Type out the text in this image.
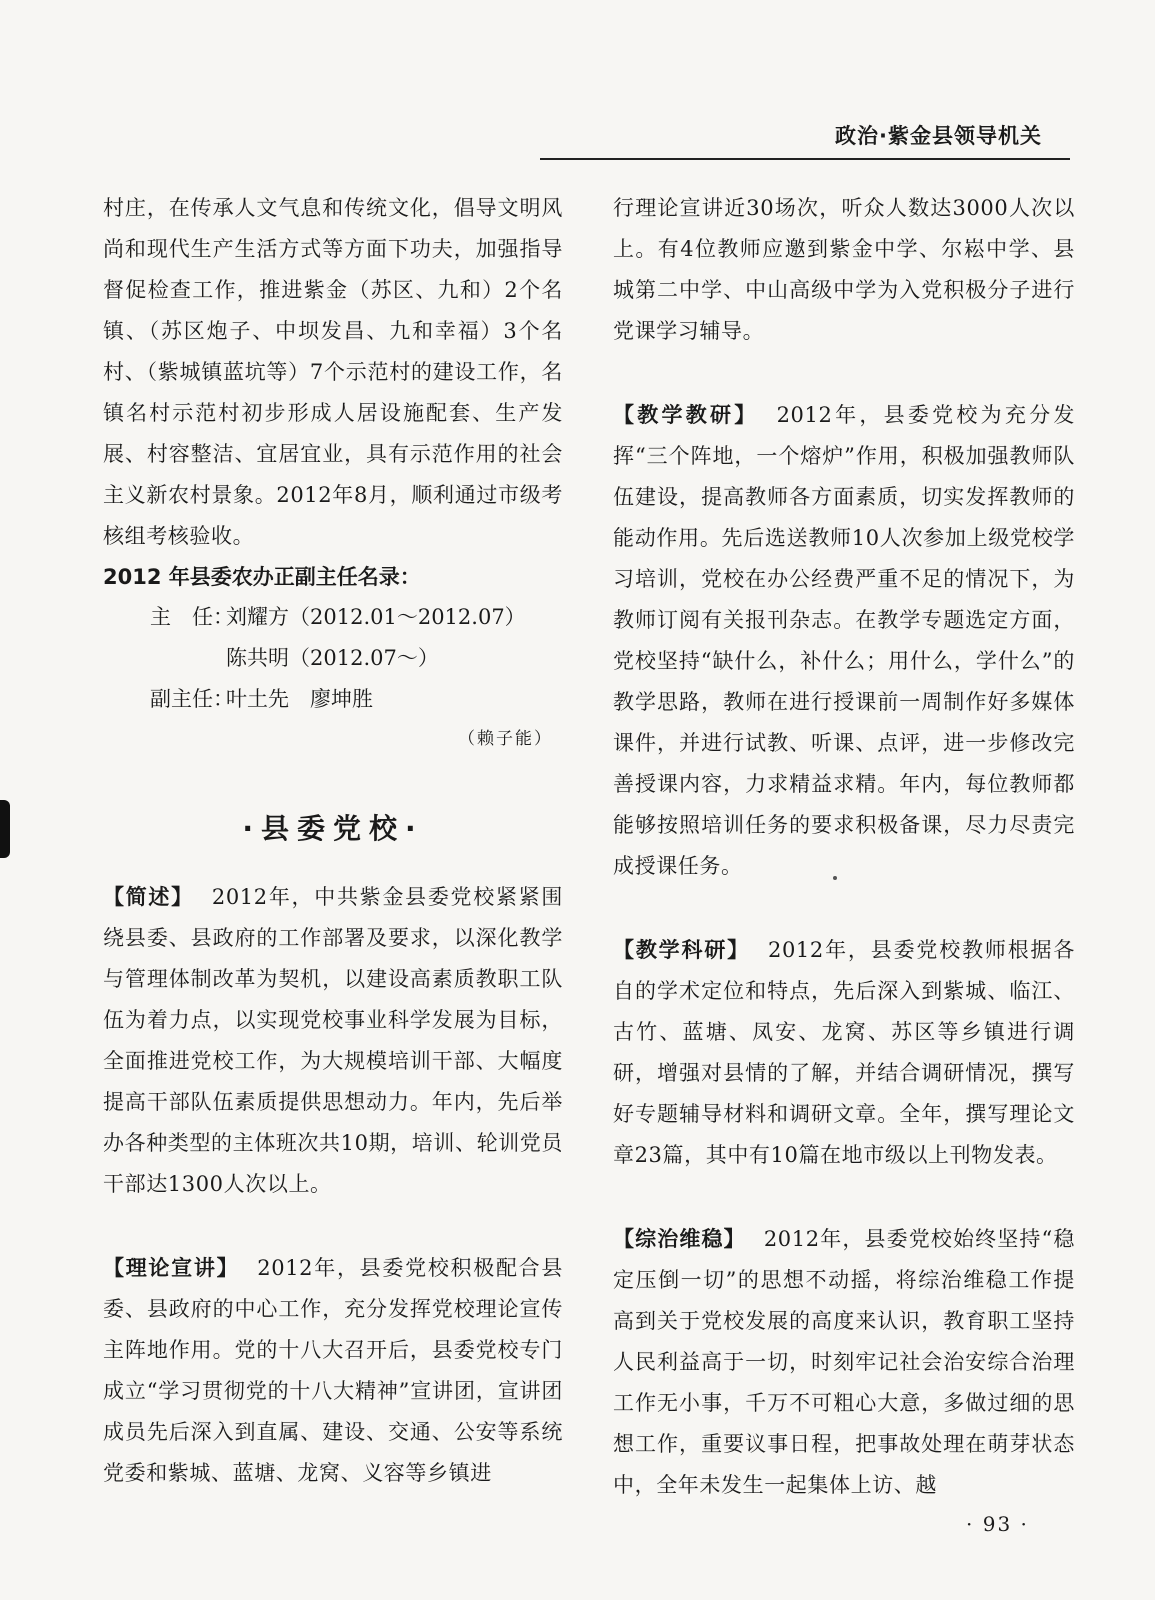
政治·紫金县领导机关

村庄，在传承人文气息和传统文化，倡导文明风尚和现代生产生活方式等方面下功夫，加强指导督促检查工作，推进紫金（苏区、九和）2个名镇、（苏区炮子、中坝发昌、九和幸福）3个名村、（紫城镇蓝坑等）7个示范村的建设工作，名镇名村示范村初步形成人居设施配套、生产发展、村容整洁、宜居宜业，具有示范作用的社会主义新农村景象。2012年8月，顺利通过市级考核组考核验收。

2012 年县委农办正副主任名录：

主　任：刘耀方（2012.01～2012.07）

陈共明（2012.07～）

副主任：叶土先　廖坤胜

（赖子能）

·县委党校·

【简述】 2012年，中共紫金县委党校紧紧围绕县委、县政府的工作部署及要求，以深化教学与管理体制改革为契机，以建设高素质教职工队伍为着力点，以实现党校事业科学发展为目标，全面推进党校工作，为大规模培训干部、大幅度提高干部队伍素质提供思想动力。年内，先后举办各种类型的主体班次共10期，培训、轮训党员干部达1300人次以上。

【理论宣讲】 2012年，县委党校积极配合县委、县政府的中心工作，充分发挥党校理论宣传主阵地作用。党的十八大召开后，县委党校专门成立“学习贯彻党的十八大精神”宣讲团，宣讲团成员先后深入到直属、建设、交通、公安等系统党委和紫城、蓝塘、龙窝、义容等乡镇进

行理论宣讲近30场次，听众人数达3000人次以上。有4位教师应邀到紫金中学、尔崧中学、县城第二中学、中山高级中学为入党积极分子进行党课学习辅导。

【教学教研】 2012年，县委党校为充分发挥“三个阵地，一个熔炉”作用，积极加强教师队伍建设，提高教师各方面素质，切实发挥教师的能动作用。先后选送教师10人次参加上级党校学习培训，党校在办公经费严重不足的情况下，为教师订阅有关报刊杂志。在教学专题选定方面，党校坚持“缺什么，补什么；用什么，学什么”的教学思路，教师在进行授课前一周制作好多媒体课件，并进行试教、听课、点评，进一步修改完善授课内容，力求精益求精。年内，每位教师都能够按照培训任务的要求积极备课，尽力尽责完成授课任务。

【教学科研】 2012年，县委党校教师根据各自的学术定位和特点，先后深入到紫城、临江、古竹、蓝塘、凤安、龙窝、苏区等乡镇进行调研，增强对县情的了解，并结合调研情况，撰写好专题辅导材料和调研文章。全年，撰写理论文章23篇，其中有10篇在地市级以上刊物发表。

【综治维稳】 2012年，县委党校始终坚持“稳定压倒一切”的思想不动摇，将综治维稳工作提高到关于党校发展的高度来认识，教育职工坚持人民利益高于一切，时刻牢记社会治安综合治理工作无小事，千万不可粗心大意，多做过细的思想工作，重要议事日程，把事故处理在萌芽状态中，全年未发生一起集体上访、越

· 93 ·
